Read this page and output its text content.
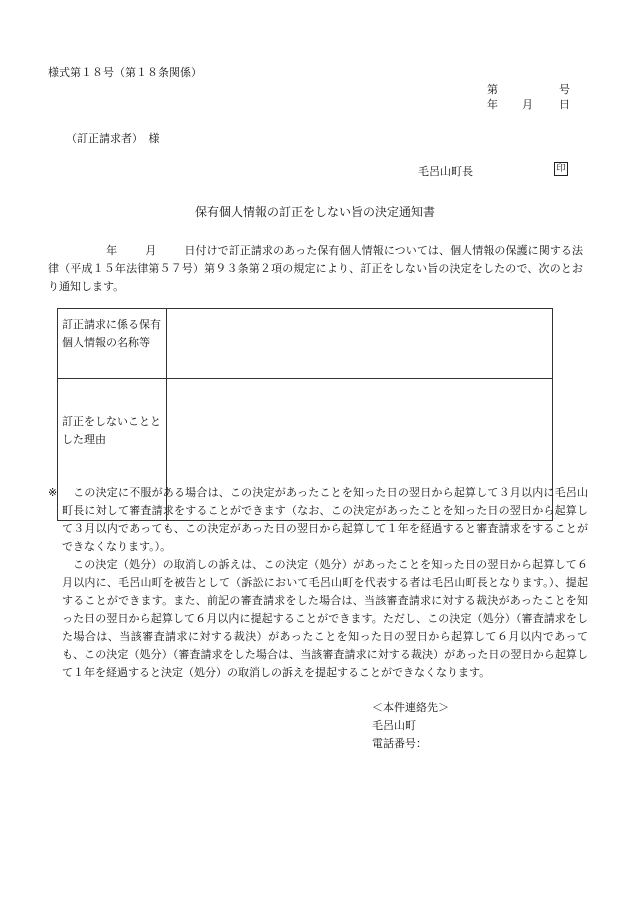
様式第１８号（第１８条関係）
第	号
年 月 日
（訂正請求者）　様
毛呂山町長	印
保有個人情報の訂正をしない旨の決定通知書
年	月	日付けで訂正請求のあった保有個人情報については、個人情報の保護に関する法律（平成１５年法律第５７号）第９３条第２項の規定により、訂正をしない旨の決定をしたので、次のとおり通知します。
訂正請求に係る保有個人情報の名称等	
訂正をしないこととした理由	
※ この決定に不服がある場合は、この決定があったことを知った日の翌日から起算して３月以内に毛呂山町長に対して審査請求をすることができます（なお、この決定があったことを知った日の翌日から起算して３月以内であっても、この決定があった日の翌日から起算して１年を経過すると審査請求をすることができなくなります。）。
この決定（処分）の取消しの訴えは、この決定（処分）があったことを知った日の翌日から起算して６月以内に、毛呂山町を被告として（訴訟において毛呂山町を代表する者は毛呂山町長となります。）、提起することができます。また、前記の審査請求をした場合は、当該審査請求に対する裁決があったことを知った日の翌日から起算して６月以内に提起することができます。ただし、この決定（処分）（審査請求をした場合は、当該審査請求に対する裁決）があったことを知った日の翌日から起算して６月以内であっても、この決定（処分）（審査請求をした場合は、当該審査請求に対する裁決）があった日の翌日から起算して１年を経過すると決定（処分）の取消しの訴えを提起することができなくなります。
＜本件連絡先＞
毛呂山町
電話番号：
